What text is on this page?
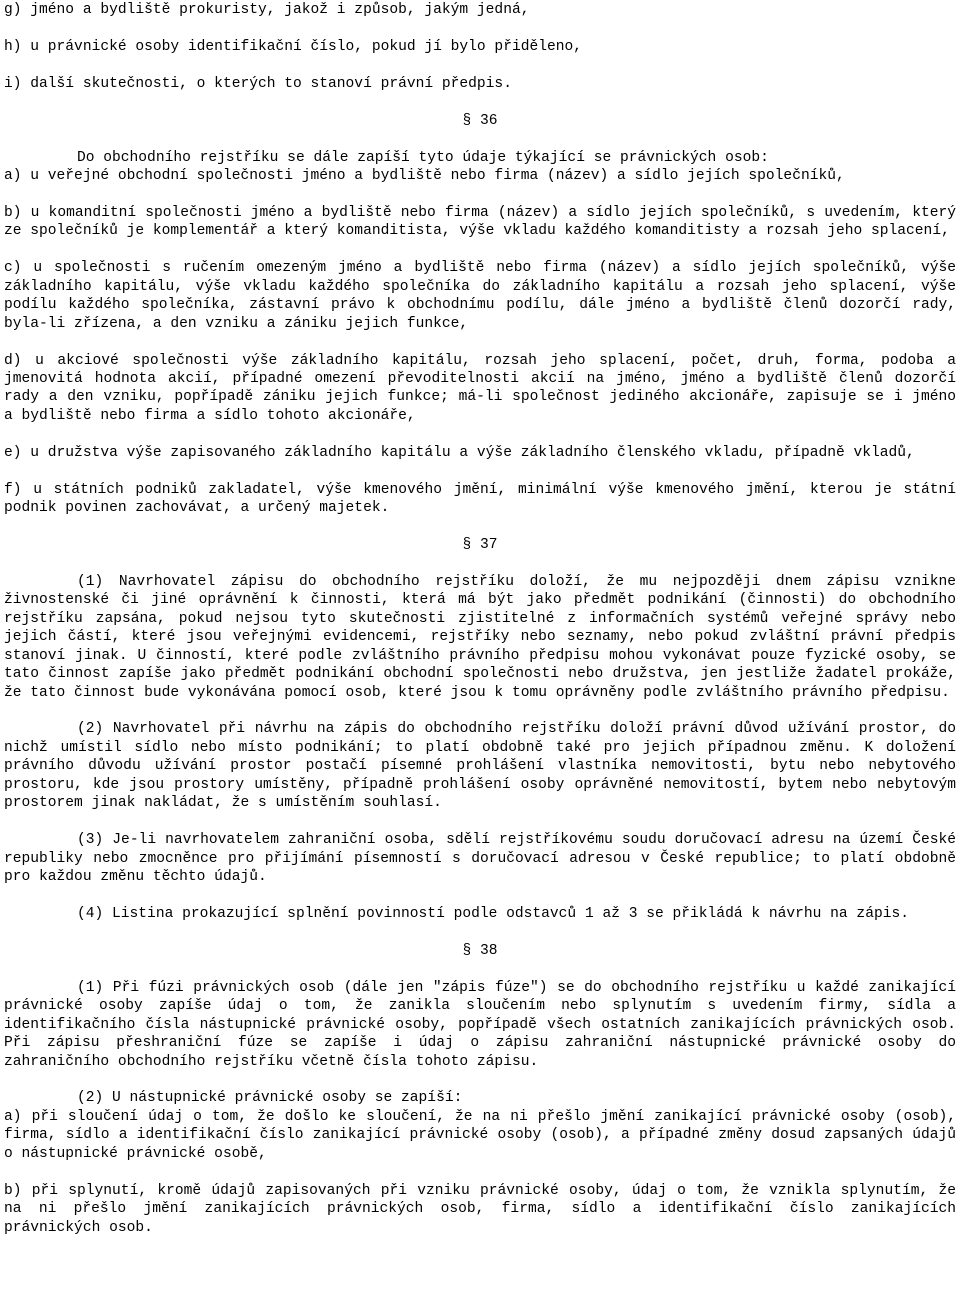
g) jméno a bydliště prokuristy, jakož i způsob, jakým jedná,

h) u právnické osoby identifikační číslo, pokud jí bylo přiděleno,

i) další skutečnosti, o kterých to stanoví právní předpis.

§ 36

Do obchodního rejstříku se dále zapíší tyto údaje týkající se právnických osob:

a) u veřejné obchodní společnosti jméno a bydliště nebo firma (název) a sídlo jejích společníků,

b) u komanditní společnosti jméno a bydliště nebo firma (název) a sídlo jejích společníků, s uvedením, který ze společníků je komplementář a který komanditista, výše vkladu každého komanditisty a rozsah jeho splacení,

c) u společnosti s ručením omezeným jméno a bydliště nebo firma (název) a sídlo jejích společníků, výše základního kapitálu, výše vkladu každého společníka do základního kapitálu a rozsah jeho splacení, výše podílu každého společníka, zástavní právo k obchodnímu podílu, dále jméno a bydliště členů dozorčí rady, byla-li zřízena, a den vzniku a zániku jejich funkce,

d) u akciové společnosti výše základního kapitálu, rozsah jeho splacení, počet, druh, forma, podoba a jmenovitá hodnota akcií, případné omezení převoditelnosti akcií na jméno, jméno a bydliště členů dozorčí rady a den vzniku, popřípadě zániku jejich funkce; má-li společnost jediného akcionáře, zapisuje se i jméno a bydliště nebo firma a sídlo tohoto akcionáře,

e) u družstva výše zapisovaného základního kapitálu a výše základního členského vkladu, případně vkladů,

f) u státních podniků zakladatel, výše kmenového jmění, minimální výše kmenového jmění, kterou je státní podnik povinen zachovávat, a určený majetek.

§ 37

(1) Navrhovatel zápisu do obchodního rejstříku doloží, že mu nejpozději dnem zápisu vznikne živnostenské či jiné oprávnění k činnosti, která má být jako předmět podnikání (činnosti) do obchodního rejstříku zapsána, pokud nejsou tyto skutečnosti zjistitelné z informačních systémů veřejné správy nebo jejich částí, které jsou veřejnými evidencemi, rejstříky nebo seznamy, nebo pokud zvláštní právní předpis stanoví jinak. U činností, které podle zvláštního právního předpisu mohou vykonávat pouze fyzické osoby, se tato činnost zapíše jako předmět podnikání obchodní společnosti nebo družstva, jen jestliže žadatel prokáže, že tato činnost bude vykonávána pomocí osob, které jsou k tomu oprávněny podle zvláštního právního předpisu.

(2) Navrhovatel při návrhu na zápis do obchodního rejstříku doloží právní důvod užívání prostor, do nichž umístil sídlo nebo místo podnikání; to platí obdobně také pro jejich případnou změnu. K doložení právního důvodu užívání prostor postačí písemné prohlášení vlastníka nemovitosti, bytu nebo nebytového prostoru, kde jsou prostory umístěny, případně prohlášení osoby oprávněné nemovitostí, bytem nebo nebytovým prostorem jinak nakládat, že s umístěním souhlasí.

(3) Je-li navrhovatelem zahraniční osoba, sdělí rejstříkovému soudu doručovací adresu na území České republiky nebo zmocněnce pro přijímání písemností s doručovací adresou v České republice; to platí obdobně pro každou změnu těchto údajů.

(4) Listina prokazující splnění povinností podle odstavců 1 až 3 se přikládá k návrhu na zápis.

§ 38

(1) Při fúzi právnických osob (dále jen "zápis fúze") se do obchodního rejstříku u každé zanikající právnické osoby zapíše údaj o tom, že zanikla sloučením nebo splynutím s uvedením firmy, sídla a identifikačního čísla nástupnické právnické osoby, popřípadě všech ostatních zanikajících právnických osob. Při zápisu přeshraniční fúze se zapíše i údaj o zápisu zahraniční nástupnické právnické osoby do zahraničního obchodního rejstříku včetně čísla tohoto zápisu.

(2) U nástupnické právnické osoby se zapíší:

a) při sloučení údaj o tom, že došlo ke sloučení, že na ni přešlo jmění zanikající právnické osoby (osob), firma, sídlo a identifikační číslo zanikající právnické osoby (osob), a případné změny dosud zapsaných údajů o nástupnické právnické osobě,

b) při splynutí, kromě údajů zapisovaných při vzniku právnické osoby, údaj o tom, že vznikla splynutím, že na ni přešlo jmění zanikajících právnických osob, firma, sídlo a identifikační číslo zanikajících právnických osob.
